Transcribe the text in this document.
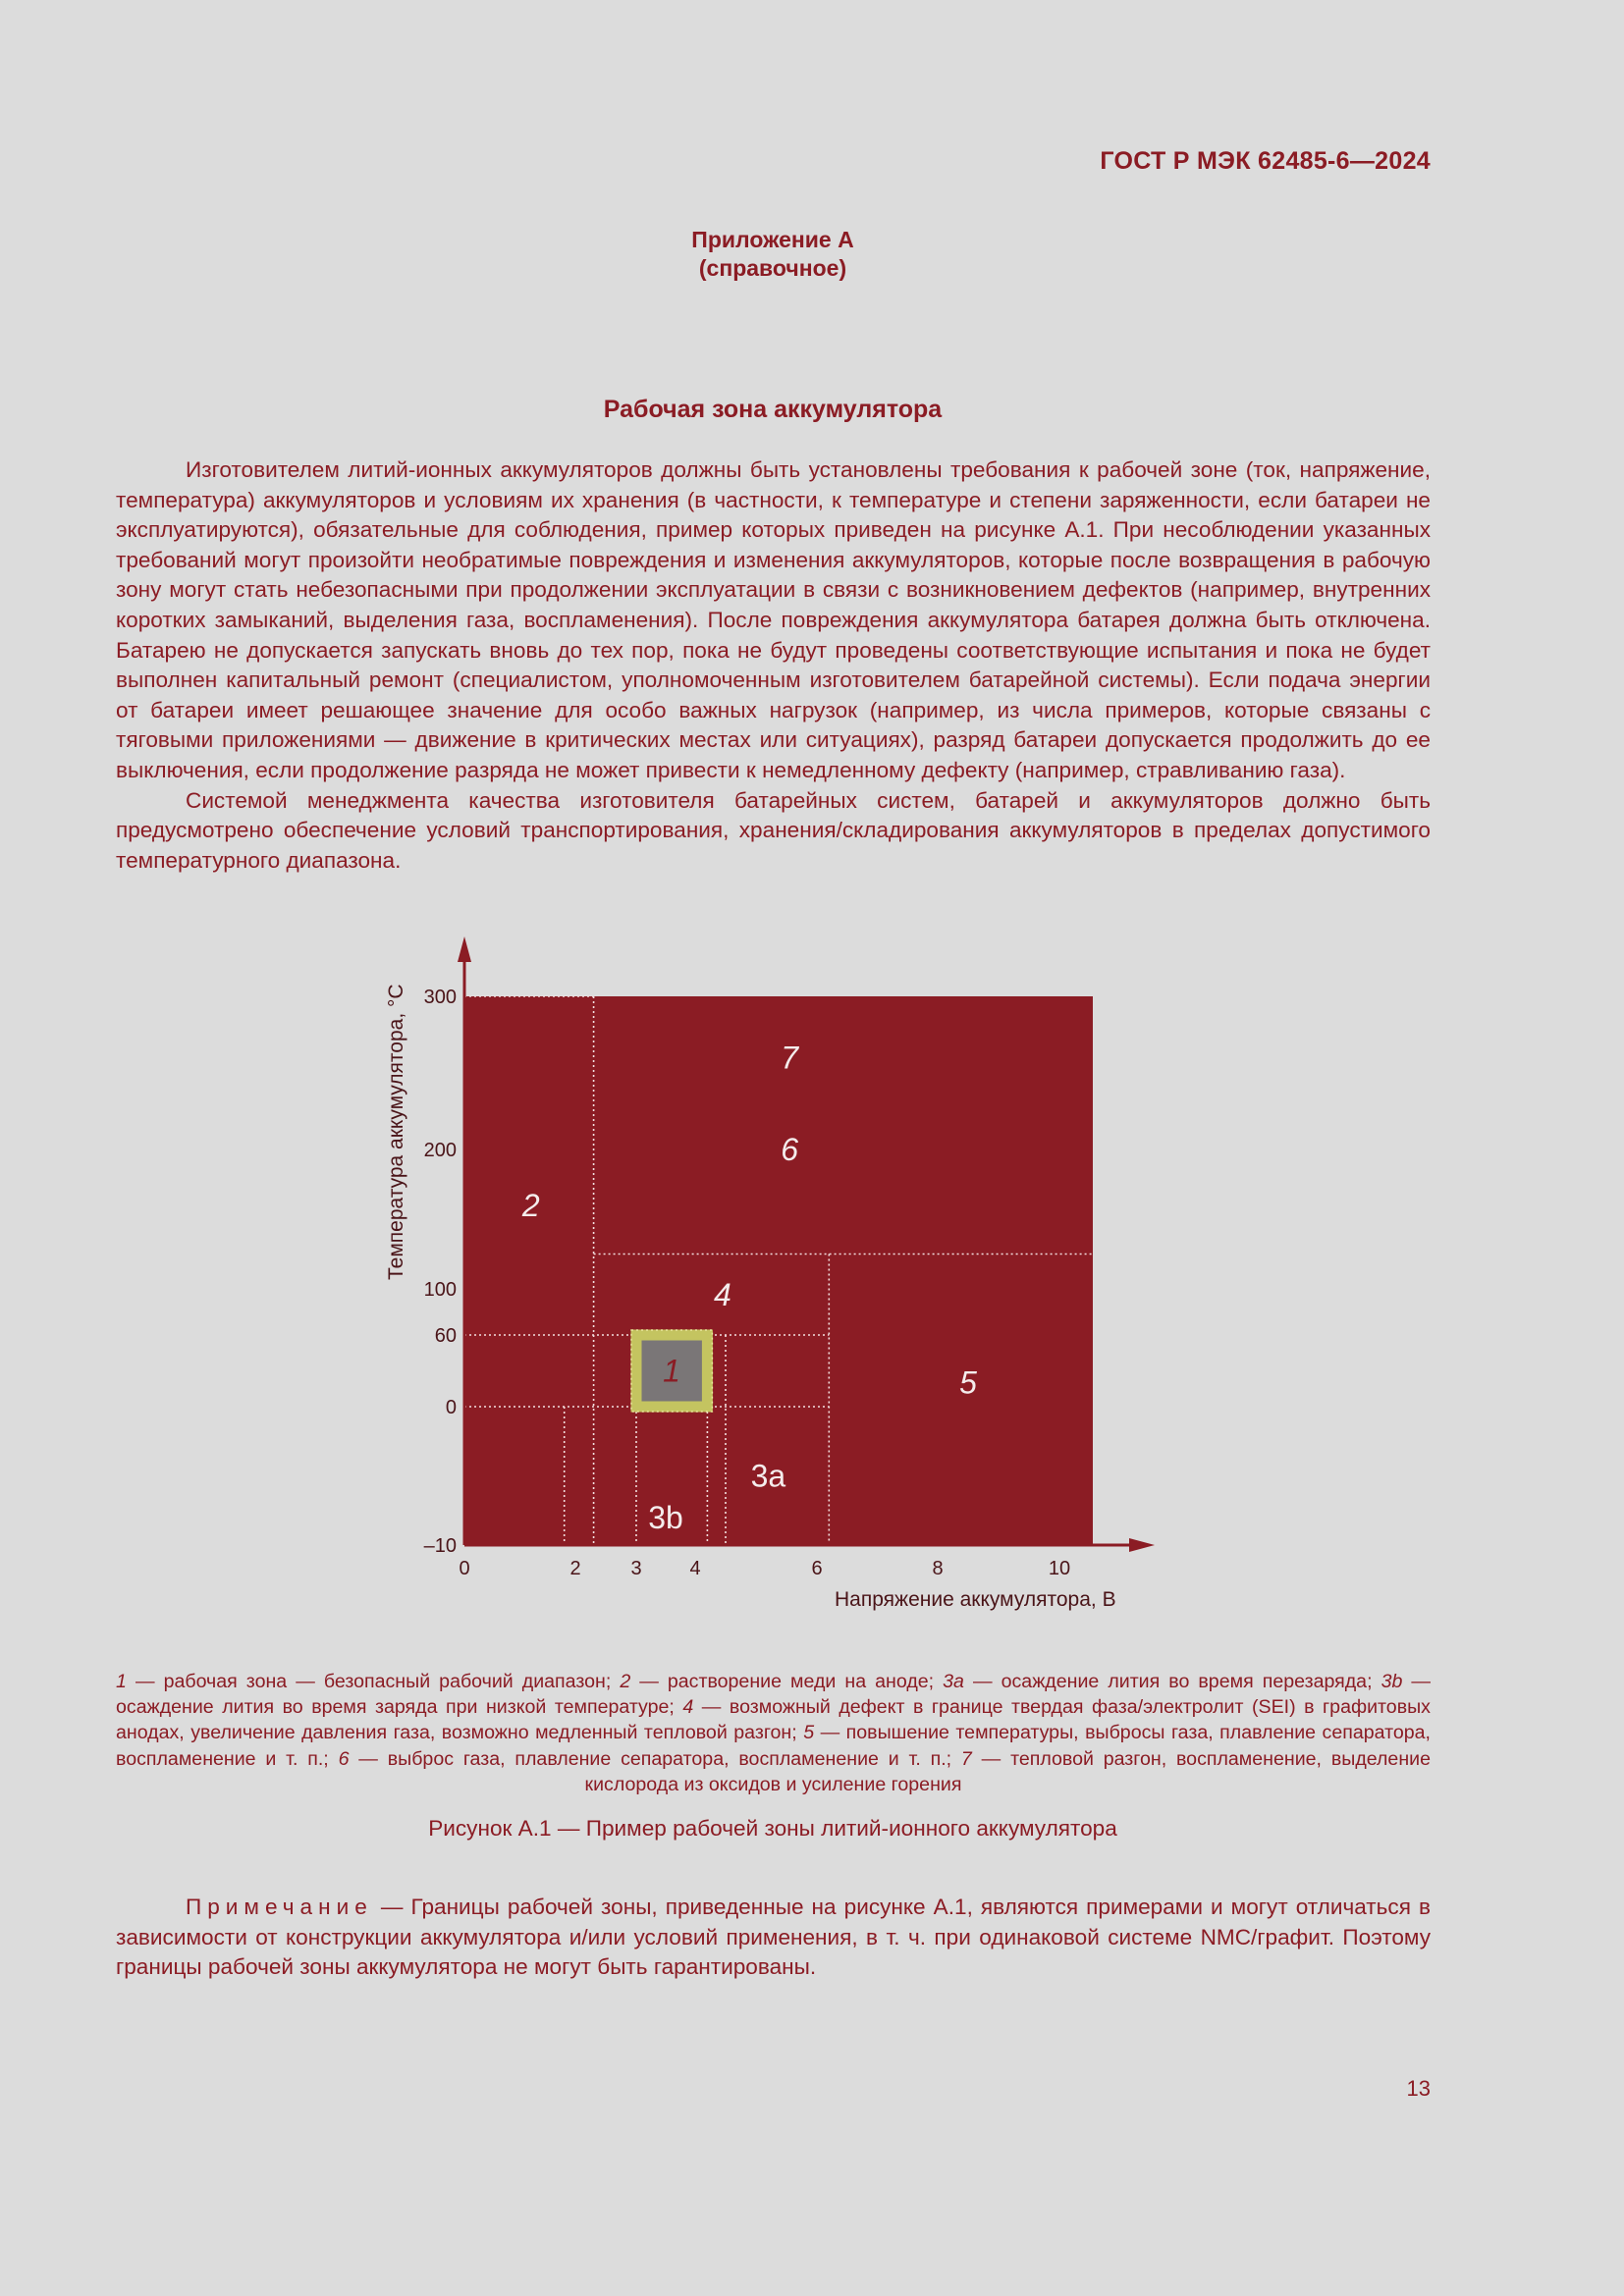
ГОСТ Р МЭК 62485-6—2024
Приложение А
(справочное)
Рабочая зона аккумулятора

Изготовителем литий-ионных аккумуляторов должны быть установлены требования к рабочей зоне (ток, напряжение, температура) аккумуляторов и условиям их хранения (в частности, к температуре и степени заряженности, если батареи не эксплуатируются), обязательные для соблюдения, пример которых приведен на рисунке А.1. При несоблюдении указанных требований могут произойти необратимые повреждения и изменения аккумуляторов, которые после возвращения в рабочую зону могут стать небезопасными при продолжении эксплуатации в связи с возникновением дефектов (например, внутренних коротких замыканий, выделения газа, воспламенения). После повреждения аккумулятора батарея должна быть отключена. Батарею не допускается запускать вновь до тех пор, пока не будут проведены соответствующие испытания и пока не будет выполнен капитальный ремонт (специалистом, уполномоченным изготовителем батарейной системы). Если подача энергии от батареи имеет решающее значение для особо важных нагрузок (например, из числа примеров, которые связаны с тяговыми приложениями — движение в критических местах или ситуациях), разряд батареи допускается продолжить до ее выключения, если продолжение разряда не может привести к немедленному дефекту (например, стравливанию газа).

Системой менеджмента качества изготовителя батарейных систем, батарей и аккумуляторов должно быть предусмотрено обеспечение условий транспортирования, хранения/складирования аккумуляторов в пределах допустимого температурного диапазона.

1
2
3a
3b
4
5
6
7
0	2	3 4	6	8	10
300
200
100
60
0
–10
Напряжение аккумулятора, В
Температура аккумулятора, °C
1 — рабочая зона — безопасный рабочий диапазон; 2 — растворение меди на аноде; 3a — осаждение лития во время перезаряда; 3b — осаждение лития во время заряда при низкой температуре; 4 — возможный дефект в границе твердая фаза/электролит (SEI) в графитовых анодах, увеличение давления газа, возможно медленный тепловой разгон; 5 — повышение температуры, выбросы газа, плавление сепаратора, воспламенение и т. п.; 6 — выброс газа, плавление сепаратора, воспламенение и т. п.; 7 — тепловой разгон, воспламенение, выделение кислорода из оксидов и усиление горения
Рисунок А.1 — Пример рабочей зоны литий-ионного аккумулятора

Примечание — Границы рабочей зоны, приведенные на рисунке А.1, являются примерами и могут отличаться в зависимости от конструкции аккумулятора и/или условий применения, в т. ч. при одинаковой системе NMC/графит. Поэтому границы рабочей зоны аккумулятора не могут быть гарантированы.

13
